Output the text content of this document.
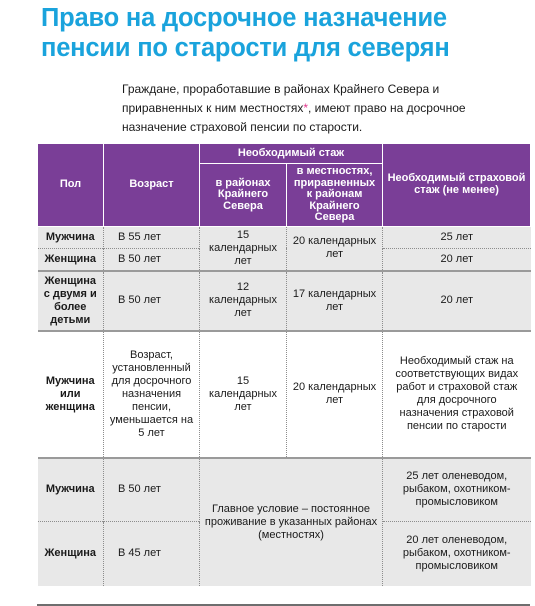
Право на досрочное назначение пенсии по старости для северян
Граждане, проработавшие в районах Крайнего Севера и прирaвненных к ним местностях*, имеют право на досрочное назначение страховой пенсии по старости.
Пол	Возраст	Необходимый стаж		Необходимый страховой стаж (не менее)
		в районах Крайнего Севера	в местностях, приравненных к районам Крайнего Севера	
Мужчина	В 55 лет	15 календарных лет	20 календарных лет	25 лет
Женщина	В 50 лет			20 лет
Женщина с двумя и более детьми	В 50 лет	12 календарных лет	17 календарных лет	20 лет
Мужчина или женщина	Возраст, установленный для досрочного назначения пенсии, уменьшается на 5 лет	15 календарных лет	20 календарных лет	Необходимый стаж на соответствующих видах работ и страховой стаж для досрочного назначения страховой пенсии по старости
Мужчина	В 50 лет	Главное условие – постоянное проживание в указанных районах (местностях)		25 лет оленеводом, рыбаком, охотником-промысловиком
Женщина	В 45 лет			20 лет оленеводом, рыбаком, охотником-промысловиком
